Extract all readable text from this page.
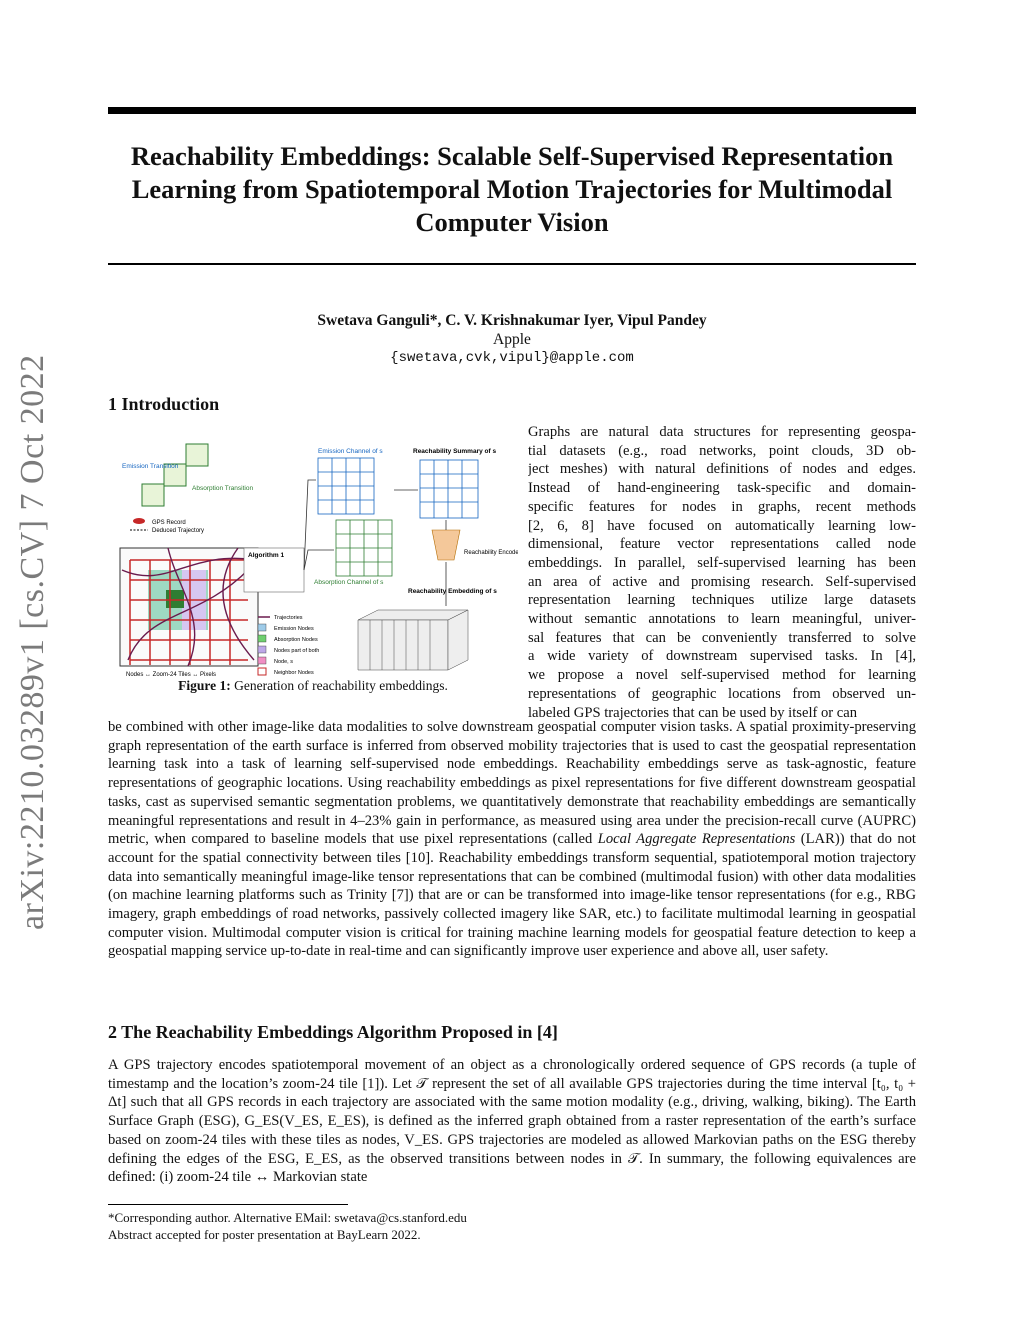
arXiv:2210.03289v1 [cs.CV] 7 Oct 2022
Reachability Embeddings: Scalable Self-Supervised Representation Learning from Spatiotemporal Motion Trajectories for Multimodal Computer Vision
Swetava Ganguli*, C. V. Krishnakumar Iyer, Vipul Pandey
Apple
{swetava,cvk,vipul}@apple.com
1 Introduction
Emission Transition
Absorption Transition
GPS Record
Deduced Trajectory
Nodes ↔ Zoom-24 Tiles ↔ Pixels
Algorithm 1
Trajectories
Emission Nodes
Absorption Nodes
Nodes part of both
Node, s
Neighbor Nodes
Emission Channel of s
Absorption Channel of s
Reachability Summary of s
Reachability Encoder
Reachability Embedding of s
Figure 1: Generation of reachability embeddings.
Graphs are natural data structures for representing geospa-
tial datasets (e.g., road networks, point clouds, 3D ob-
ject meshes) with natural definitions of nodes and edges.
Instead of hand-engineering task-specific and domain-
specific features for nodes in graphs, recent methods
[2, 6, 8] have focused on automatically learning low-
dimensional, feature vector representations called node
embeddings. In parallel, self-supervised learning has been
an area of active and promising research. Self-supervised
representation learning techniques utilize large datasets
without semantic annotations to learn meaningful, univer-
sal features that can be conveniently transferred to solve
a wide variety of downstream supervised tasks. In [4],
we propose a novel self-supervised method for learning
representations of geographic locations from observed un-
labeled GPS trajectories that can be used by itself or can
be combined with other image-like data modalities to solve downstream geospatial computer vision tasks. A spatial proximity-preserving graph representation of the earth surface is inferred from observed mobility trajectories that is used to cast the geospatial representation learning task into a task of learning self-supervised node embeddings. Reachability embeddings serve as task-agnostic, feature representations of geographic locations. Using reachability embeddings as pixel representations for five different downstream geospatial tasks, cast as supervised semantic segmentation problems, we quantitatively demonstrate that reachability embeddings are semantically meaningful representations and result in 4–23% gain in performance, as measured using area under the precision-recall curve (AUPRC) metric, when compared to baseline models that use pixel representations (called Local Aggregate Representations (LAR)) that do not account for the spatial connectivity between tiles [10]. Reachability embeddings transform sequential, spatiotemporal motion trajectory data into semantically meaningful image-like tensor representations that can be combined (multimodal fusion) with other data modalities (on machine learning platforms such as Trinity [7]) that are or can be transformed into image-like tensor representations (for e.g., RBG imagery, graph embeddings of road networks, passively collected imagery like SAR, etc.) to facilitate multimodal learning in geospatial computer vision. Multimodal computer vision is critical for training machine learning models for geospatial feature detection to keep a geospatial mapping service up-to-date in real-time and can significantly improve user experience and above all, user safety.
2 The Reachability Embeddings Algorithm Proposed in [4]
A GPS trajectory encodes spatiotemporal movement of an object as a chronologically ordered sequence of GPS records (a tuple of timestamp and the location’s zoom-24 tile [1]). Let 𝒯 represent the set of all available GPS trajectories during the time interval [t₀, t₀ + Δt] such that all GPS records in each trajectory are associated with the same motion modality (e.g., driving, walking, biking). The Earth Surface Graph (ESG), G_ES(V_ES, E_ES), is defined as the inferred graph obtained from a raster representation of the earth’s surface based on zoom-24 tiles with these tiles as nodes, V_ES. GPS trajectories are modeled as allowed Markovian paths on the ESG thereby defining the edges of the ESG, E_ES, as the observed transitions between nodes in 𝒯. In summary, the following equivalences are defined: (i) zoom-24 tile ↔ Markovian state
*Corresponding author. Alternative EMail: swetava@cs.stanford.edu
Abstract accepted for poster presentation at BayLearn 2022.
